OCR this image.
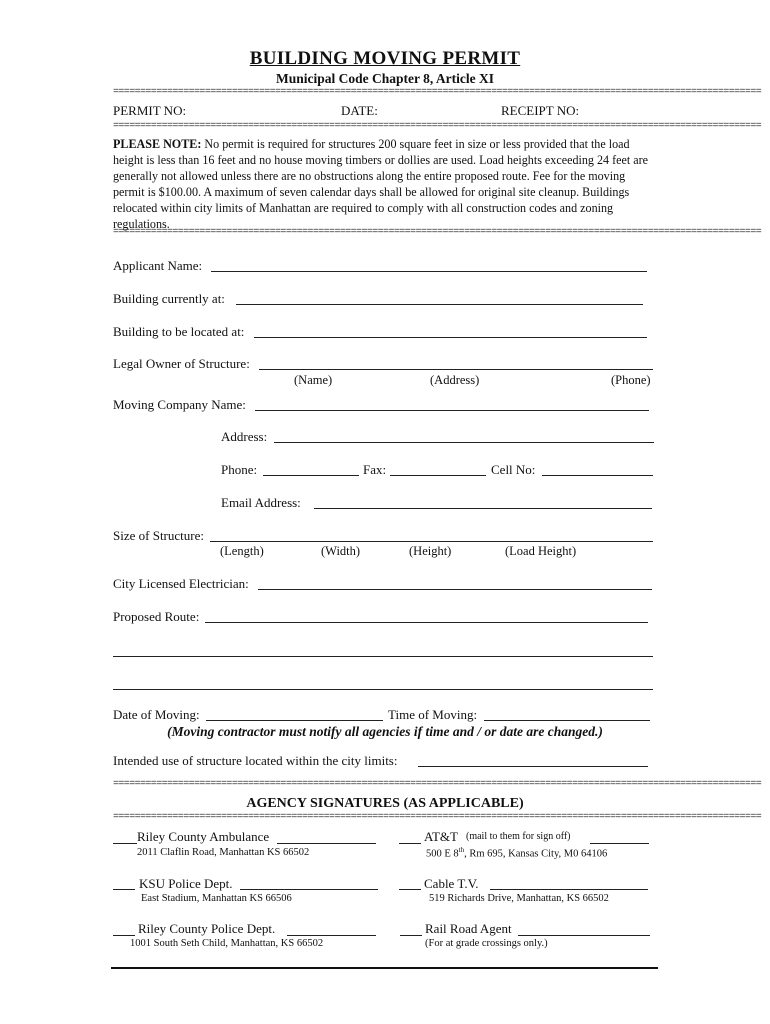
BUILDING MOVING PERMIT
Municipal Code Chapter 8, Article XI
========================================================================================================================
PERMIT NO:	DATE:	RECEIPT NO:
========================================================================================================================
PLEASE NOTE: No permit is required for structures 200 square feet in size or less provided that the load height is less than 16 feet and no house moving timbers or dollies are used. Load heights exceeding 24 feet are generally not allowed unless there are no obstructions along the entire proposed route. Fee for the moving permit is $100.00. A maximum of seven calendar days shall be allowed for original site cleanup. Buildings relocated within city limits of Manhattan are required to comply with all construction codes and zoning regulations.
========================================================================================================================
Applicant Name:
Building currently at:
Building to be located at:
Legal Owner of Structure:
(Name)	(Address)	(Phone)
Moving Company Name:
Address:
Phone:	Fax:	Cell No:
Email Address:
Size of Structure:
(Length)	(Width)	(Height)	(Load Height)
City Licensed Electrician:
Proposed Route:
Date of Moving:	Time of Moving:
(Moving contractor must notify all agencies if time and / or date are changed.)
Intended use of structure located within the city limits:
========================================================================================================================
AGENCY SIGNATURES (AS APPLICABLE)
========================================================================================================================
Riley County Ambulance
2011 Claflin Road, Manhattan KS 66502
KSU Police Dept.
East Stadium, Manhattan KS 66506
Riley County Police Dept.
1001 South Seth Child, Manhattan, KS 66502
AT&T (mail to them for sign off)
500 E 8th, Rm 695, Kansas City, M0 64106
Cable T.V.
519 Richards Drive, Manhattan, KS 66502
Rail Road Agent
(For at grade crossings only.)
